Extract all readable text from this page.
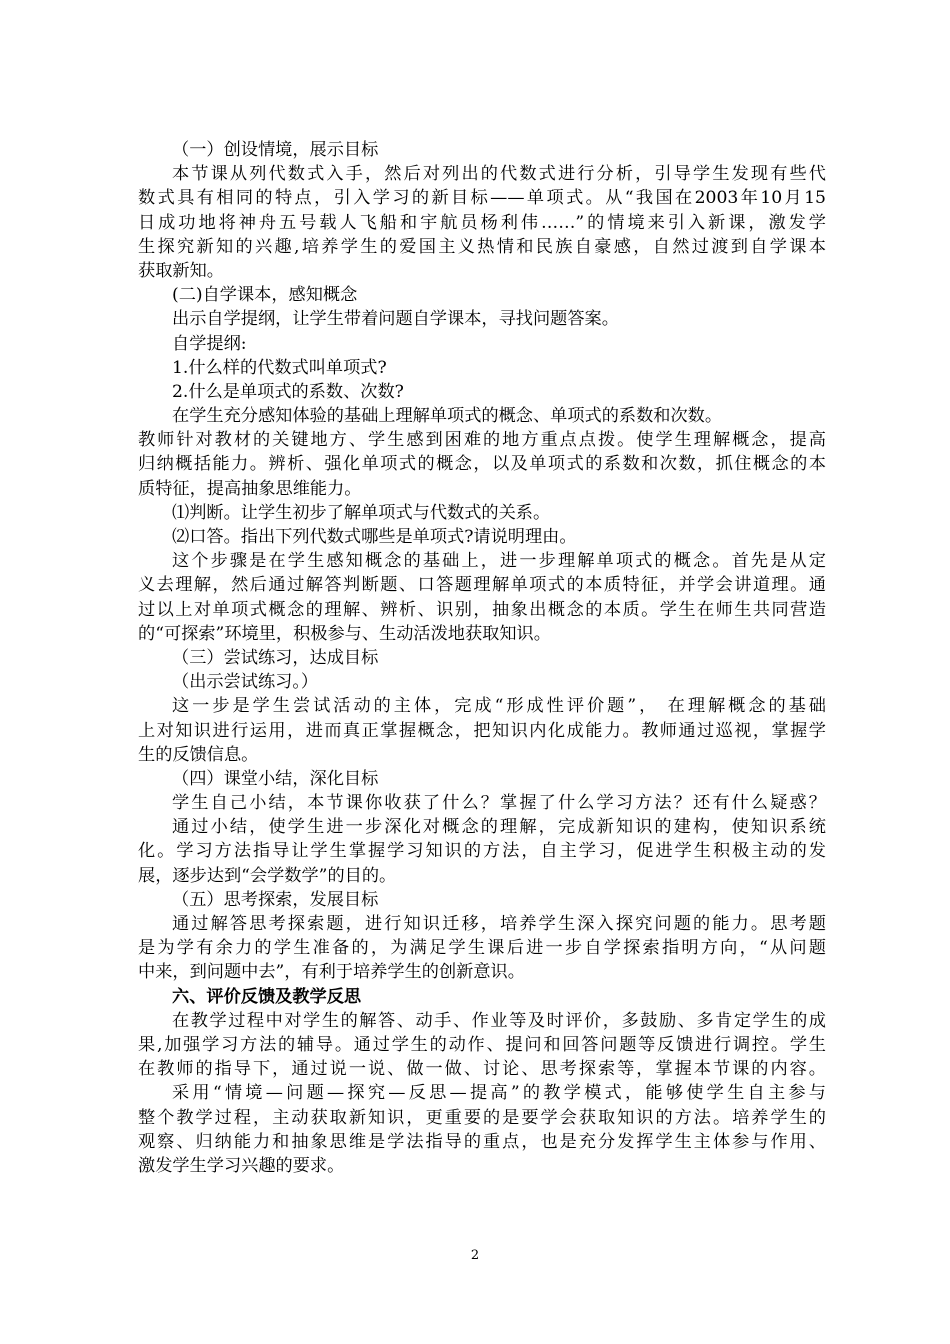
（一）创设情境，展示目标
本节课从列代数式入手，然后对列出的代数式进行分析，引导学生发现有些代
数式具有相同的特点，引入学习的新目标——单项式。从“我国在2003年10月15
日成功地将神舟五号载人飞船和宇航员杨利伟……”的情境来引入新课，激发学
生探究新知的兴趣,培养学生的爱国主义热情和民族自豪感，自然过渡到自学课本
获取新知。
(二)自学课本，感知概念
出示自学提纲，让学生带着问题自学课本，寻找问题答案。
自学提纲:
1.什么样的代数式叫单项式?
2.什么是单项式的系数、次数?
在学生充分感知体验的基础上理解单项式的概念、单项式的系数和次数。
教师针对教材的关键地方、学生感到困难的地方重点点拨。使学生理解概念，提高
归纳概括能力。辨析、强化单项式的概念，以及单项式的系数和次数，抓住概念的本
质特征，提高抽象思维能力。
⑴判断。让学生初步了解单项式与代数式的关系。
⑵口答。指出下列代数式哪些是单项式?请说明理由。
这个步骤是在学生感知概念的基础上，进一步理解单项式的概念。首先是从定
义去理解，然后通过解答判断题、口答题理解单项式的本质特征，并学会讲道理。通
过以上对单项式概念的理解、辨析、识别，抽象出概念的本质。学生在师生共同营造
的“可探索”环境里，积极参与、生动活泼地获取知识。
（三）尝试练习，达成目标
（出示尝试练习。）
这一步是学生尝试活动的主体，完成“形成性评价题”， 在理解概念的基础
上对知识进行运用，进而真正掌握概念，把知识内化成能力。教师通过巡视，掌握学
生的反馈信息。
（四）课堂小结，深化目标
学生自己小结，本节课你收获了什么？掌握了什么学习方法？还有什么疑惑？
通过小结，使学生进一步深化对概念的理解，完成新知识的建构，使知识系统
化。学习方法指导让学生掌握学习知识的方法，自主学习，促进学生积极主动的发
展，逐步达到“会学数学”的目的。
（五）思考探索，发展目标
通过解答思考探索题，进行知识迁移，培养学生深入探究问题的能力。思考题
是为学有余力的学生准备的，为满足学生课后进一步自学探索指明方向，“从问题
中来，到问题中去”，有利于培养学生的创新意识。
六、评价反馈及教学反思
在教学过程中对学生的解答、动手、作业等及时评价，多鼓励、多肯定学生的成
果,加强学习方法的辅导。通过学生的动作、提问和回答问题等反馈进行调控。学生
在教师的指导下，通过说一说、做一做、讨论、思考探索等，掌握本节课的内容。
采用“情境—问题—探究—反思—提高”的教学模式，能够使学生自主参与
整个教学过程，主动获取新知识，更重要的是要学会获取知识的方法。培养学生的
观察、归纳能力和抽象思维是学法指导的重点，也是充分发挥学生主体参与作用、
激发学生学习兴趣的要求。
2
